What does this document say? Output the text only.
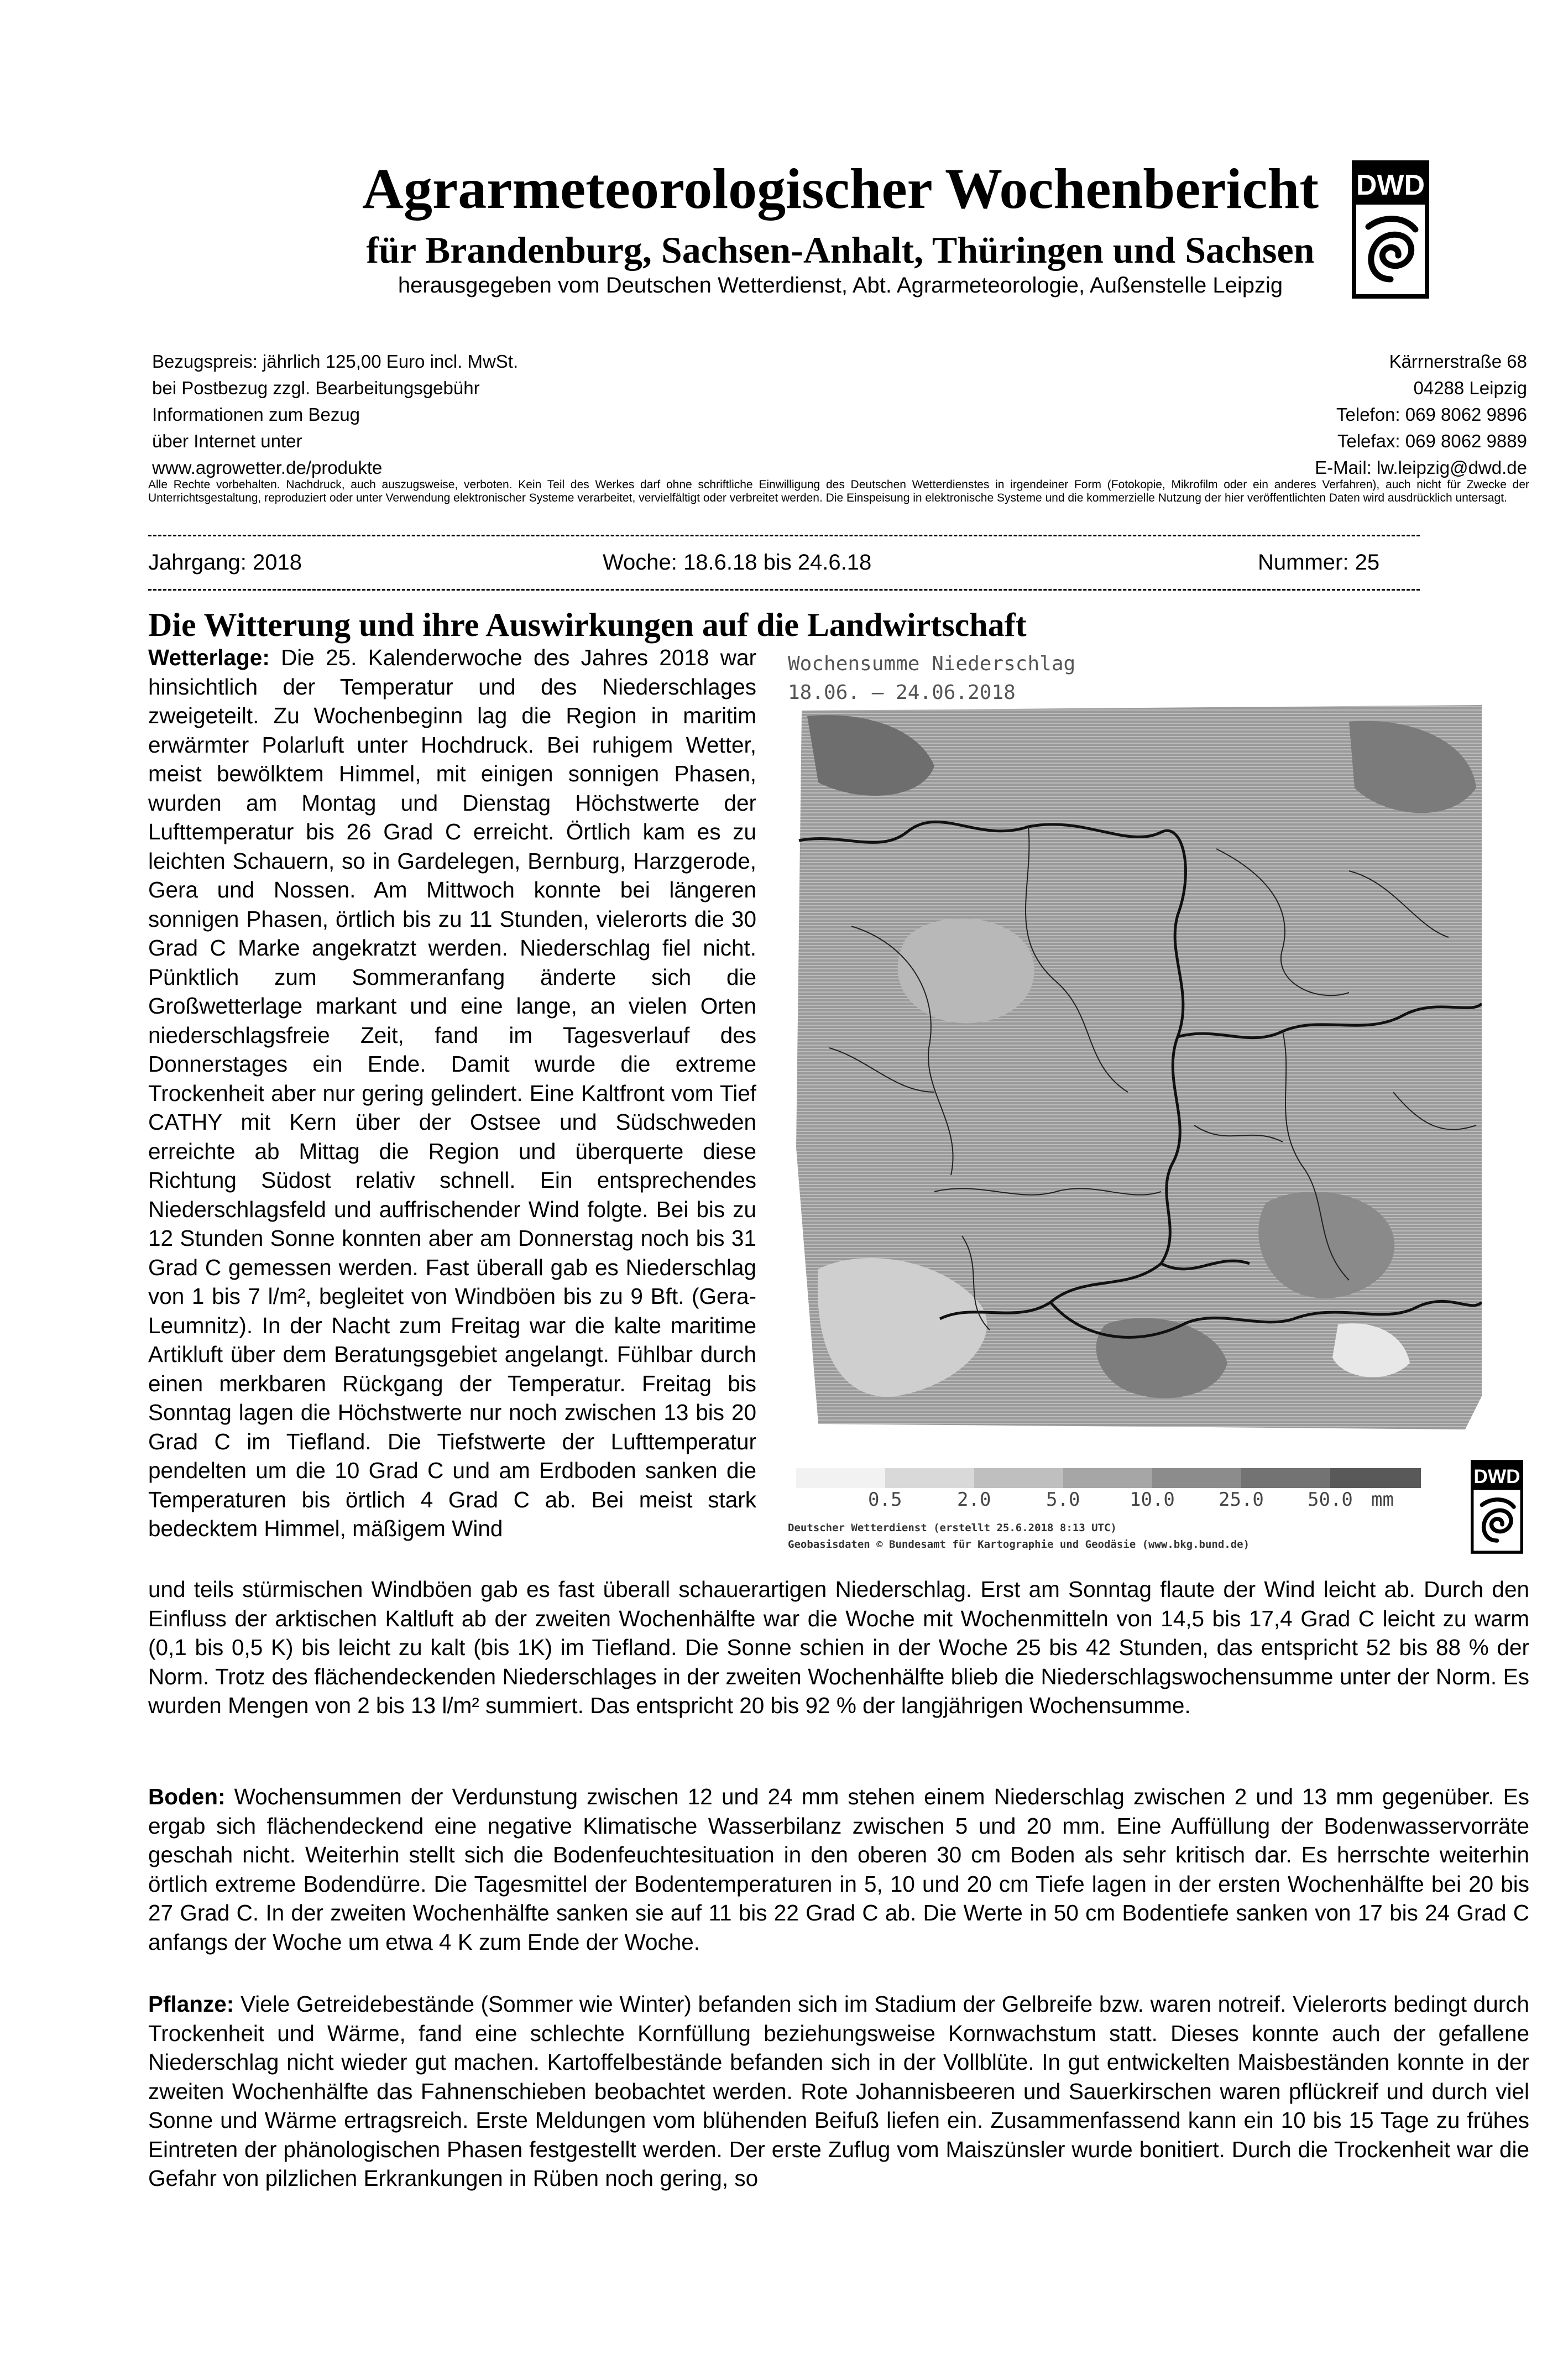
Agrarmeteorologischer Wochenbericht
für Brandenburg, Sachsen-Anhalt, Thüringen und Sachsen
herausgegeben vom Deutschen Wetterdienst, Abt. Agrarmeteorologie, Außenstelle Leipzig
DWD
Bezugspreis: jährlich 125,00 Euro incl. MwSt.
bei Postbezug zzgl. Bearbeitungsgebühr
Informationen zum Bezug
über Internet unter
www.agrowetter.de/produkte
Kärrnerstraße 68
04288 Leipzig
Telefon: 069 8062 9896
Telefax: 069 8062 9889
E-Mail: lw.leipzig@dwd.de
Alle Rechte vorbehalten. Nachdruck, auch auszugsweise, verboten. Kein Teil des Werkes darf ohne schriftliche Einwilligung des Deutschen Wetterdienstes in irgendeiner Form (Fotokopie, Mikrofilm oder ein anderes Verfahren), auch nicht für Zwecke der Unterrichtsgestaltung, reproduziert oder unter Verwendung elektronischer Systeme verarbeitet, vervielfältigt oder verbreitet werden. Die Einspeisung in elektronische Systeme und die kommerzielle Nutzung der hier veröffentlichten Daten wird ausdrücklich untersagt.
Jahrgang: 2018	Woche: 18.6.18 bis 24.6.18	Nummer: 25
Die Witterung und ihre Auswirkungen auf die Landwirtschaft

Wetterlage: Die 25. Kalenderwoche des Jahres 2018 war hinsichtlich der Temperatur und des Niederschlages zweigeteilt. Zu Wochenbeginn lag die Region in maritim erwärmter Polarluft unter Hochdruck. Bei ruhigem Wetter, meist bewölktem Himmel, mit einigen sonnigen Phasen, wurden am Montag und Dienstag Höchstwerte der Lufttemperatur bis 26 Grad C erreicht. Örtlich kam es zu leichten Schauern, so in Gardelegen, Bernburg, Harzgerode, Gera und Nossen. Am Mittwoch konnte bei längeren sonnigen Phasen, örtlich bis zu 11 Stunden, vielerorts die 30 Grad C Marke angekratzt werden. Niederschlag fiel nicht. Pünktlich zum Sommeranfang änderte sich die Großwetterlage markant und eine lange, an vielen Orten niederschlagsfreie Zeit, fand im Tagesverlauf des Donnerstages ein Ende. Damit wurde die extreme Trockenheit aber nur gering gelindert. Eine Kaltfront vom Tief CATHY mit Kern über der Ostsee und Südschweden erreichte ab Mittag die Region und überquerte diese Richtung Südost relativ schnell. Ein entsprechendes Niederschlagsfeld und auffrischender Wind folgte. Bei bis zu 12 Stunden Sonne konnten aber am Donnerstag noch bis 31 Grad C gemessen werden. Fast überall gab es Niederschlag von 1 bis 7 l/m², begleitet von Windböen bis zu 9 Bft. (Gera-Leumnitz). In der Nacht zum Freitag war die kalte maritime Artikluft über dem Beratungsgebiet angelangt. Fühlbar durch einen merkbaren Rückgang der Temperatur. Freitag bis Sonntag lagen die Höchstwerte nur noch zwischen 13 bis 20 Grad C im Tiefland. Die Tiefstwerte der Lufttemperatur pendelten um die 10 Grad C und am Erdboden sanken die Temperaturen bis örtlich 4 Grad C ab. Bei meist stark bedecktem Himmel, mäßigem Wind

Wochensumme Niederschlag
18.06. – 24.06.2018
0.5	2.0	5.0	10.0 25.0 50.0 mm
Deutscher Wetterdienst (erstellt 25.6.2018 8:13 UTC)
Geobasisdaten © Bundesamt für Kartographie und Geodäsie (www.bkg.bund.de)
DWD

und teils stürmischen Windböen gab es fast überall schauerartigen Niederschlag. Erst am Sonntag flaute der Wind leicht ab. Durch den Einfluss der arktischen Kaltluft ab der zweiten Wochenhälfte war die Woche mit Wochenmitteln von 14,5 bis 17,4 Grad C leicht zu warm (0,1 bis 0,5 K) bis leicht zu kalt (bis 1K) im Tiefland. Die Sonne schien in der Woche 25 bis 42 Stunden, das entspricht 52 bis 88 % der Norm. Trotz des flächendeckenden Niederschlages in der zweiten Wochenhälfte blieb die Niederschlagswochensumme unter der Norm. Es wurden Mengen von 2 bis 13 l/m² summiert. Das entspricht 20 bis 92 % der langjährigen Wochensumme.

Boden: Wochensummen der Verdunstung zwischen 12 und 24 mm stehen einem Niederschlag zwischen 2 und 13 mm gegenüber. Es ergab sich flächendeckend eine negative Klimatische Wasserbilanz zwischen 5 und 20 mm. Eine Auffüllung der Bodenwasservorräte geschah nicht. Weiterhin stellt sich die Bodenfeuchtesituation in den oberen 30 cm Boden als sehr kritisch dar. Es herrschte weiterhin örtlich extreme Bodendürre. Die Tagesmittel der Bodentemperaturen in 5, 10 und 20 cm Tiefe lagen in der ersten Wochenhälfte bei 20 bis 27 Grad C. In der zweiten Wochenhälfte sanken sie auf 11 bis 22 Grad C ab. Die Werte in 50 cm Bodentiefe sanken von 17 bis 24 Grad C anfangs der Woche um etwa 4 K zum Ende der Woche.

Pflanze: Viele Getreidebestände (Sommer wie Winter) befanden sich im Stadium der Gelbreife bzw. waren notreif. Vielerorts bedingt durch Trockenheit und Wärme, fand eine schlechte Kornfüllung beziehungsweise Kornwachstum statt. Dieses konnte auch der gefallene Niederschlag nicht wieder gut machen. Kartoffelbestände befanden sich in der Vollblüte. In gut entwickelten Maisbeständen konnte in der zweiten Wochenhälfte das Fahnenschieben beobachtet werden. Rote Johannisbeeren und Sauerkirschen waren pflückreif und durch viel Sonne und Wärme ertragsreich. Erste Meldungen vom blühenden Beifuß liefen ein. Zusammenfassend kann ein 10 bis 15 Tage zu frühes Eintreten der phänologischen Phasen festgestellt werden. Der erste Zuflug vom Maiszünsler wurde bonitiert. Durch die Trockenheit war die Gefahr von pilzlichen Erkrankungen in Rüben noch gering, so
